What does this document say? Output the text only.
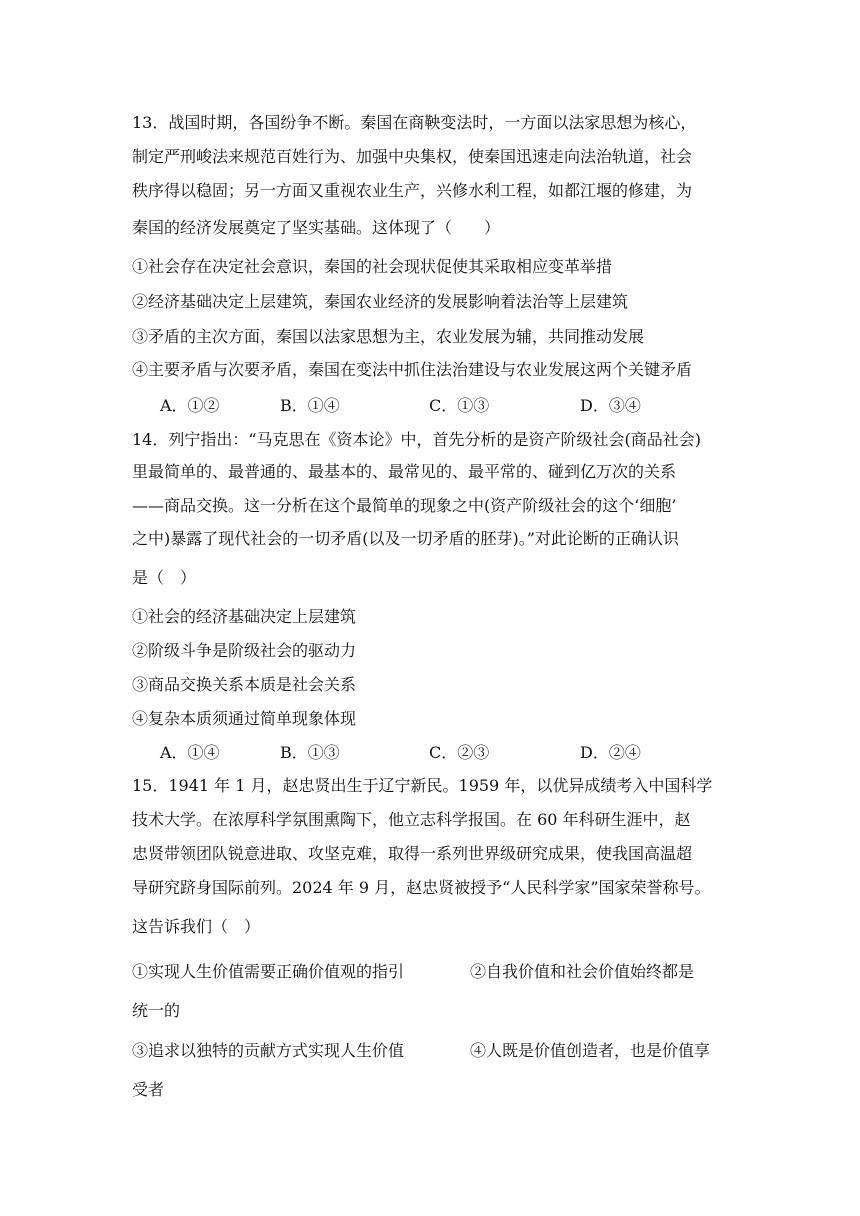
13．战国时期，各国纷争不断。秦国在商鞅变法时，一方面以法家思想为核心，
制定严刑峻法来规范百姓行为、加强中央集权，使秦国迅速走向法治轨道，社会
秩序得以稳固；另一方面又重视农业生产，兴修水利工程，如都江堰的修建，为
秦国的经济发展奠定了坚实基础。这体现了（　　）
①社会存在决定社会意识，秦国的社会现状促使其采取相应变革举措
②经济基础决定上层建筑，秦国农业经济的发展影响着法治等上层建筑
③矛盾的主次方面，秦国以法家思想为主，农业发展为辅，共同推动发展
④主要矛盾与次要矛盾，秦国在变法中抓住法治建设与农业发展这两个关键矛盾
A．①②	B．①④	C．①③	D．③④
14．列宁指出：“马克思在《资本论》中，首先分析的是资产阶级社会(商品社会)
里最简单的、最普通的、最基本的、最常见的、最平常的、碰到亿万次的关系
——商品交换。这一分析在这个最简单的现象之中(资产阶级社会的这个‘细胞’
之中)暴露了现代社会的一切矛盾(以及一切矛盾的胚芽)。”对此论断的正确认识
是（　）
①社会的经济基础决定上层建筑
②阶级斗争是阶级社会的驱动力
③商品交换关系本质是社会关系
④复杂本质须通过简单现象体现
A．①④	B．①③	C．②③	D．②④
15．1941 年 1 月，赵忠贤出生于辽宁新民。1959 年，以优异成绩考入中国科学
技术大学。在浓厚科学氛围熏陶下，他立志科学报国。在 60 年科研生涯中，赵
忠贤带领团队锐意进取、攻坚克难，取得一系列世界级研究成果，使我国高温超
导研究跻身国际前列。2024 年 9 月，赵忠贤被授予“人民科学家”国家荣誉称号。
这告诉我们（　）
①实现人生价值需要正确价值观的指引	②自我价值和社会价值始终都是
统一的
③追求以独特的贡献方式实现人生价值	④人既是价值创造者，也是价值享
受者
